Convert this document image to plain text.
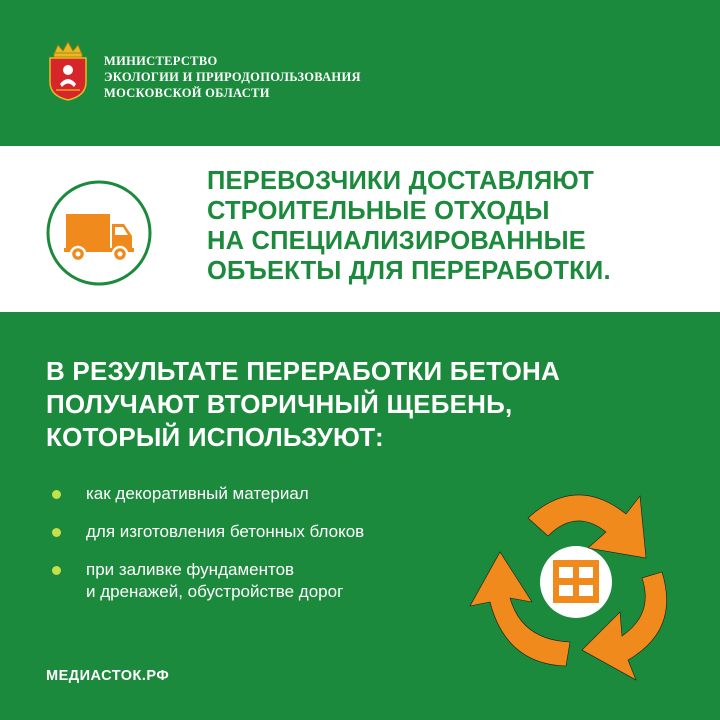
МИНИСТЕРСТВО
ЭКОЛОГИИ И ПРИРОДОПОЛЬЗОВАНИЯ
МОСКОВСКОЙ ОБЛАСТИ
ПЕРЕВОЗЧИКИ ДОСТАВЛЯЮТ
СТРОИТЕЛЬНЫЕ ОТХОДЫ
НА СПЕЦИАЛИЗИРОВАННЫЕ
ОБЪЕКТЫ ДЛЯ ПЕРЕРАБОТКИ.
В РЕЗУЛЬТАТЕ ПЕРЕРАБОТКИ БЕТОНА
ПОЛУЧАЮТ ВТОРИЧНЫЙ ЩЕБЕНЬ,
КОТОРЫЙ ИСПОЛЬЗУЮТ:
как декоративный материал
для изготовления бетонных блоков
при заливке фундаментов
и дренажей, обустройстве дорог
МЕДИАСТОК.РФ
